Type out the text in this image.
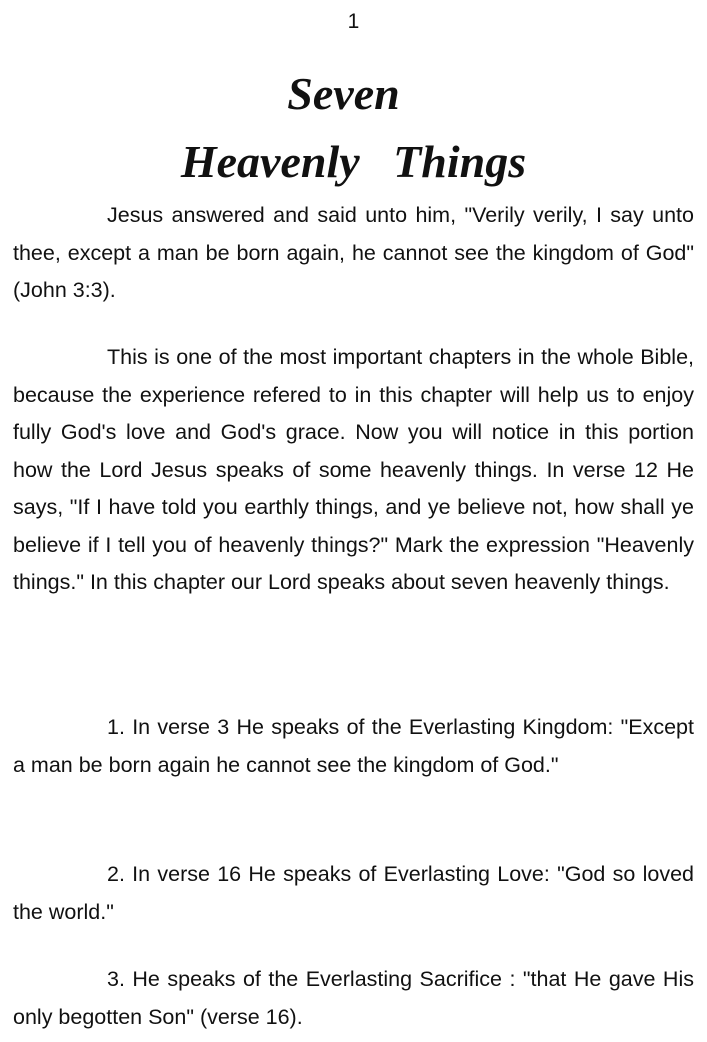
1
Seven
Heavenly Things

Jesus answered and said unto him, "Verily verily, I say unto thee, except a man be born again, he cannot see the kingdom of God" (John 3:3).

This is one of the most important chapters in the whole Bible, because the experience refered to in this chapter will help us to enjoy fully God's love and God's grace. Now you will notice in this portion how the Lord Jesus speaks of some heavenly things. In verse 12 He says, "If I have told you earthly things, and ye believe not, how shall ye believe if I tell you of heavenly things?" Mark the expression "Heavenly things." In this chapter our Lord speaks about seven heavenly things.

1. In verse 3 He speaks of the Everlasting Kingdom: "Except a man be born again he cannot see the kingdom of God."

2. In verse 16 He speaks of Everlasting Love: "God so loved the world."

3. He speaks of the Everlasting Sacrifice : "that He gave His only begotten Son" (verse 16).
